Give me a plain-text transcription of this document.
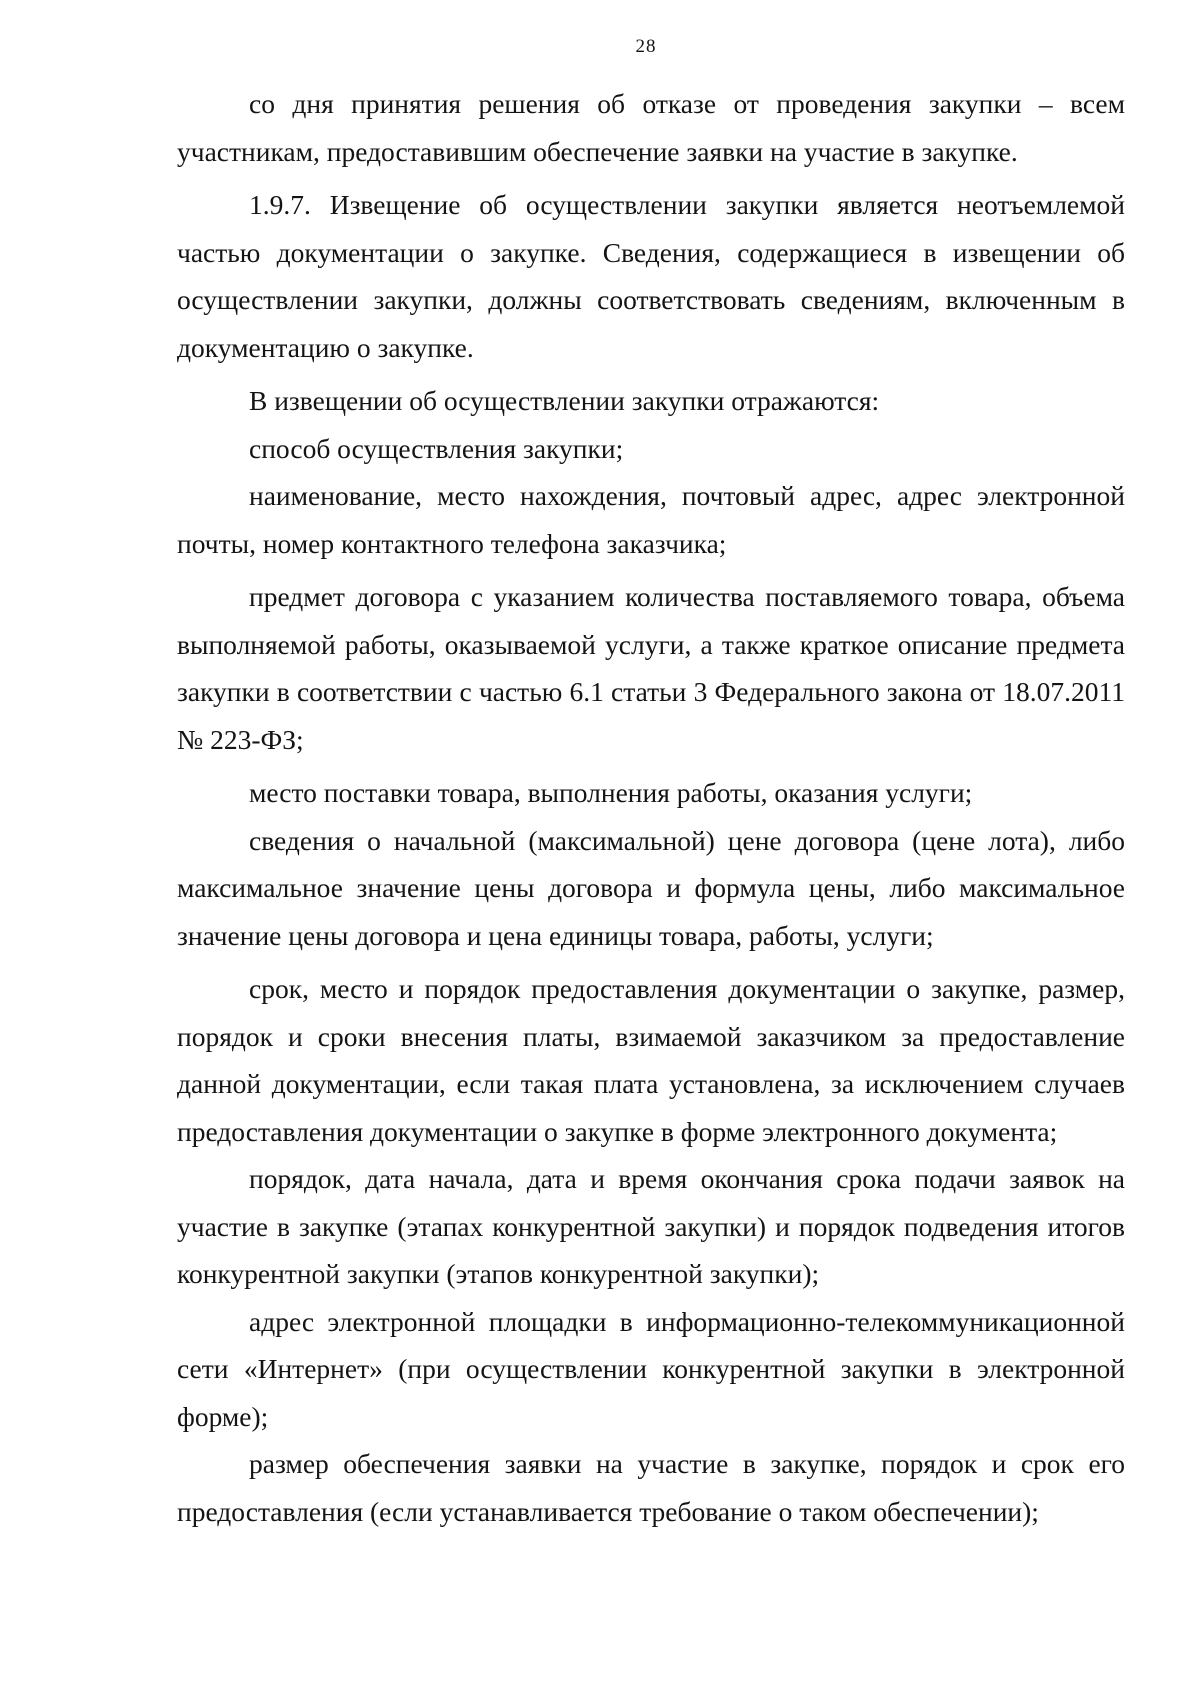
28

со дня принятия решения об отказе от проведения закупки – всем участникам, предоставившим обеспечение заявки на участие в закупке.

1.9.7. Извещение об осуществлении закупки является неотъемлемой частью документации о закупке. Сведения, содержащиеся в извещении об осуществлении закупки, должны соответствовать сведениям, включенным в документацию о закупке.

В извещении об осуществлении закупки отражаются:

способ осуществления закупки;

наименование, место нахождения, почтовый адрес, адрес электронной почты, номер контактного телефона заказчика;

предмет договора с указанием количества поставляемого товара, объема выполняемой работы, оказываемой услуги, а также краткое описание предмета закупки в соответствии с частью 6.1 статьи 3 Федерального закона от 18.07.2011 № 223-ФЗ;

место поставки товара, выполнения работы, оказания услуги;

сведения о начальной (максимальной) цене договора (цене лота), либо максимальное значение цены договора и формула цены, либо максимальное значение цены договора и цена единицы товара, работы, услуги;

срок, место и порядок предоставления документации о закупке, размер, порядок и сроки внесения платы, взимаемой заказчиком за предоставление данной документации, если такая плата установлена, за исключением случаев предоставления документации о закупке в форме электронного документа;

порядок, дата начала, дата и время окончания срока подачи заявок на участие в закупке (этапах конкурентной закупки) и порядок подведения итогов конкурентной закупки (этапов конкурентной закупки);

адрес электронной площадки в информационно-телекоммуникационной сети «Интернет» (при осуществлении конкурентной закупки в электронной форме);

размер обеспечения заявки на участие в закупке, порядок и срок его предоставления (если устанавливается требование о таком обеспечении);
